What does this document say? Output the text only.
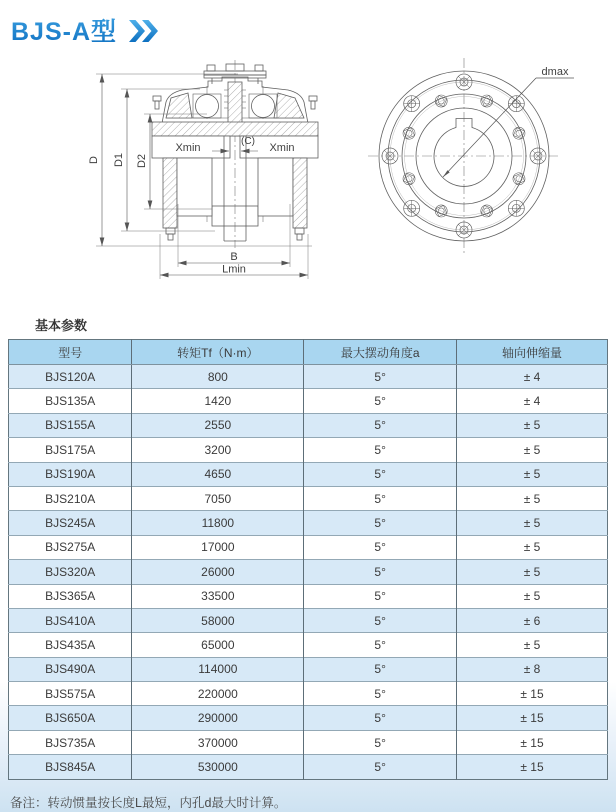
BJS-A型
D D1 D2
Xmin	Xmin
(C)
B
Lmin
dmax
基本参数
型号	转矩Tf（N·m）	最大摆动角度a	轴向伸缩量
BJS120A	800	5°	± 4
BJS135A	1420	5°	± 4
BJS155A	2550	5°	± 5
BJS175A	3200	5°	± 5
BJS190A	4650	5°	± 5
BJS210A	7050	5°	± 5
BJS245A	11800	5°	± 5
BJS275A	17000	5°	± 5
BJS320A	26000	5°	± 5
BJS365A	33500	5°	± 5
BJS410A	58000	5°	± 6
BJS435A	65000	5°	± 5
BJS490A	114000	5°	± 8
BJS575A	220000	5°	± 15
BJS650A	290000	5°	± 15
BJS735A	370000	5°	± 15
BJS845A	530000	5°	± 15

备注：转动惯量按长度L最短，内孔d最大时计算。
